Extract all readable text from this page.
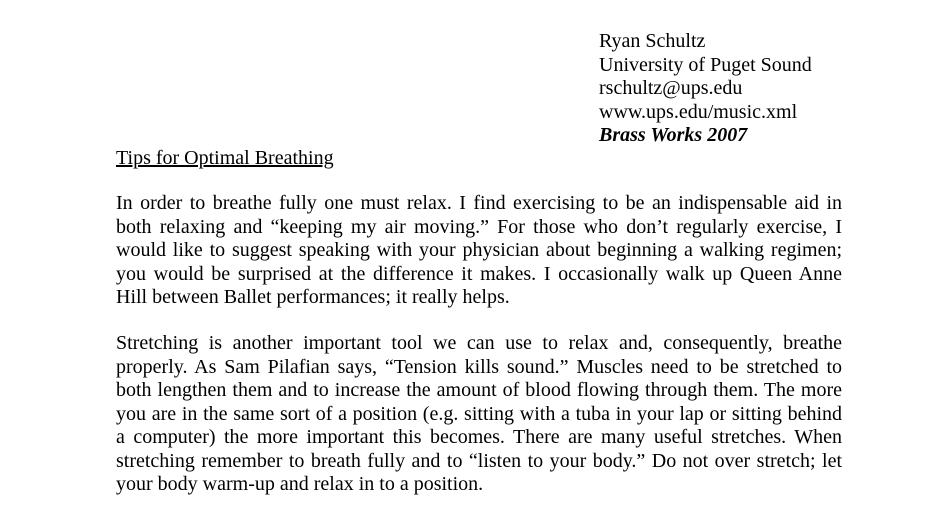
Ryan Schultz
University of Puget Sound
rschultz@ups.edu
www.ups.edu/music.xml
Brass Works 2007
Tips for Optimal Breathing
In order to breathe fully one must relax. I find exercising to be an indispensable aid in
both relaxing and “keeping my air moving.” For those who don’t regularly exercise, I
would like to suggest speaking with your physician about beginning a walking regimen;
you would be surprised at the difference it makes. I occasionally walk up Queen Anne
Hill between Ballet performances; it really helps.
Stretching is another important tool we can use to relax and, consequently, breathe
properly. As Sam Pilafian says, “Tension kills sound.” Muscles need to be stretched to
both lengthen them and to increase the amount of blood flowing through them. The more
you are in the same sort of a position (e.g. sitting with a tuba in your lap or sitting behind
a computer) the more important this becomes. There are many useful stretches. When
stretching remember to breath fully and to “listen to your body.” Do not over stretch; let
your body warm-up and relax in to a position.
